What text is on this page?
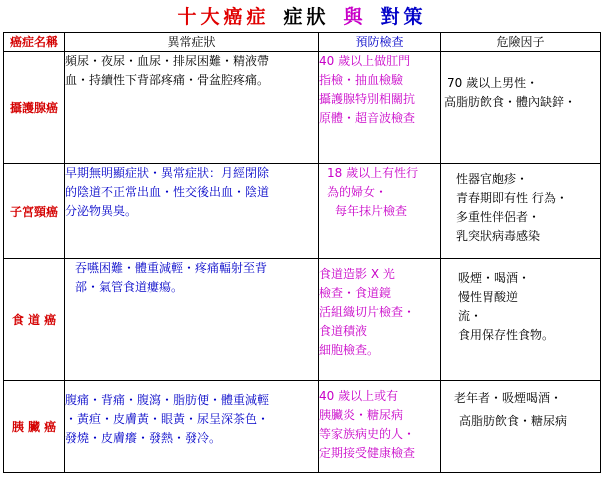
十大癌症 症狀 與 對策
癌症名稱	異常症狀	預防檢查	危險因子
攝護腺癌	頻尿・夜尿・血尿・排尿困難・精液帶
血・持續性下背部疼痛・骨盆腔疼痛。	40 歲以上做肛門
指檢・抽血檢驗
攝護腺特別相關抗
原體・超音波檢查	70 歲以上男性・
高脂肪飲食・體內缺鋅・

子宮頸癌	早期無明顯症狀・異常症狀：月經閉除
的陰道不正常出血・性交後出血・陰道
分泌物異臭。	18 歲以上有性行
為的婦女・
每年抹片檢查	性器官皰疹・
青春期即有性 行為・
多重性伴侶者・
乳突狀病毒感染

食 道 癌	吞嚥困難・體重減輕・疼痛輻射至背
部・氣管食道瘻瘍。	食道造影 X 光
檢查・食道鏡
活組織切片檢查・
食道積液
細胞檢查。	吸煙・喝酒・
慢性胃酸逆
流・
食用保存性食物。

胰 臟 癌	腹痛・背痛・腹瀉・脂肪便・體重減輕
・黃疸・皮膚黃・眼黃・尿呈深茶色・
發燒・皮膚癢・發熱・發冷。	40 歲以上或有
胰臟炎・糖尿病
等家族病史的人・
定期接受健康檢查	老年者・吸煙喝酒・
高脂肪飲食・糖尿病
